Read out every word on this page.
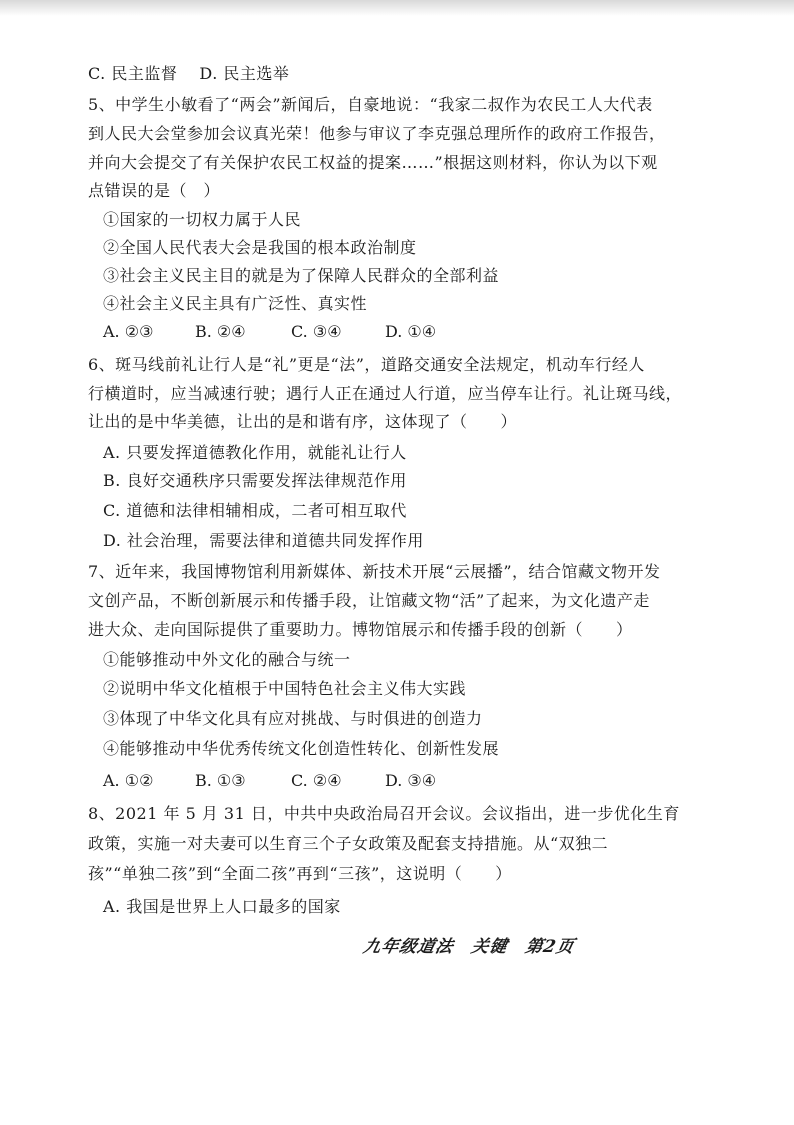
C. 民主监督　 D. 民主选举
5、中学生小敏看了“两会”新闻后，自豪地说：“我家二叔作为农民工人大代表
到人民大会堂参加会议真光荣！他参与审议了李克强总理所作的政府工作报告，
并向大会提交了有关保护农民工权益的提案……”根据这则材料，你认为以下观
点错误的是（　）
①国家的一切权力属于人民
②全国人民代表大会是我国的根本政治制度
③社会主义民主目的就是为了保障人民群众的全部利益
④社会主义民主具有广泛性、真实性
A. ②③	B. ②④	C. ③④	D. ①④
6、斑马线前礼让行人是“礼”更是“法”，道路交通安全法规定，机动车行经人
行横道时，应当减速行驶；遇行人正在通过人行道，应当停车让行。礼让斑马线，
让出的是中华美德，让出的是和谐有序，这体现了（　　）
A. 只要发挥道德教化作用，就能礼让行人
B. 良好交通秩序只需要发挥法律规范作用
C. 道德和法律相辅相成，二者可相互取代
D. 社会治理，需要法律和道德共同发挥作用
7、近年来，我国博物馆利用新媒体、新技术开展“云展播”，结合馆藏文物开发
文创产品，不断创新展示和传播手段，让馆藏文物“活”了起来，为文化遗产走
进大众、走向国际提供了重要助力。博物馆展示和传播手段的创新（　　）
①能够推动中外文化的融合与统一
②说明中华文化植根于中国特色社会主义伟大实践
③体现了中华文化具有应对挑战、与时俱进的创造力
④能够推动中华优秀传统文化创造性转化、创新性发展
A. ①②	B. ①③	C. ②④	D. ③④
8、2021 年 5 月 31 日，中共中央政治局召开会议。会议指出，进一步优化生育
政策，实施一对夫妻可以生育三个子女政策及配套支持措施。从“双独二
孩”“单独二孩”到“全面二孩”再到“三孩”，这说明（　　）
A. 我国是世界上人口最多的国家
九年级道法　关键　第2页
